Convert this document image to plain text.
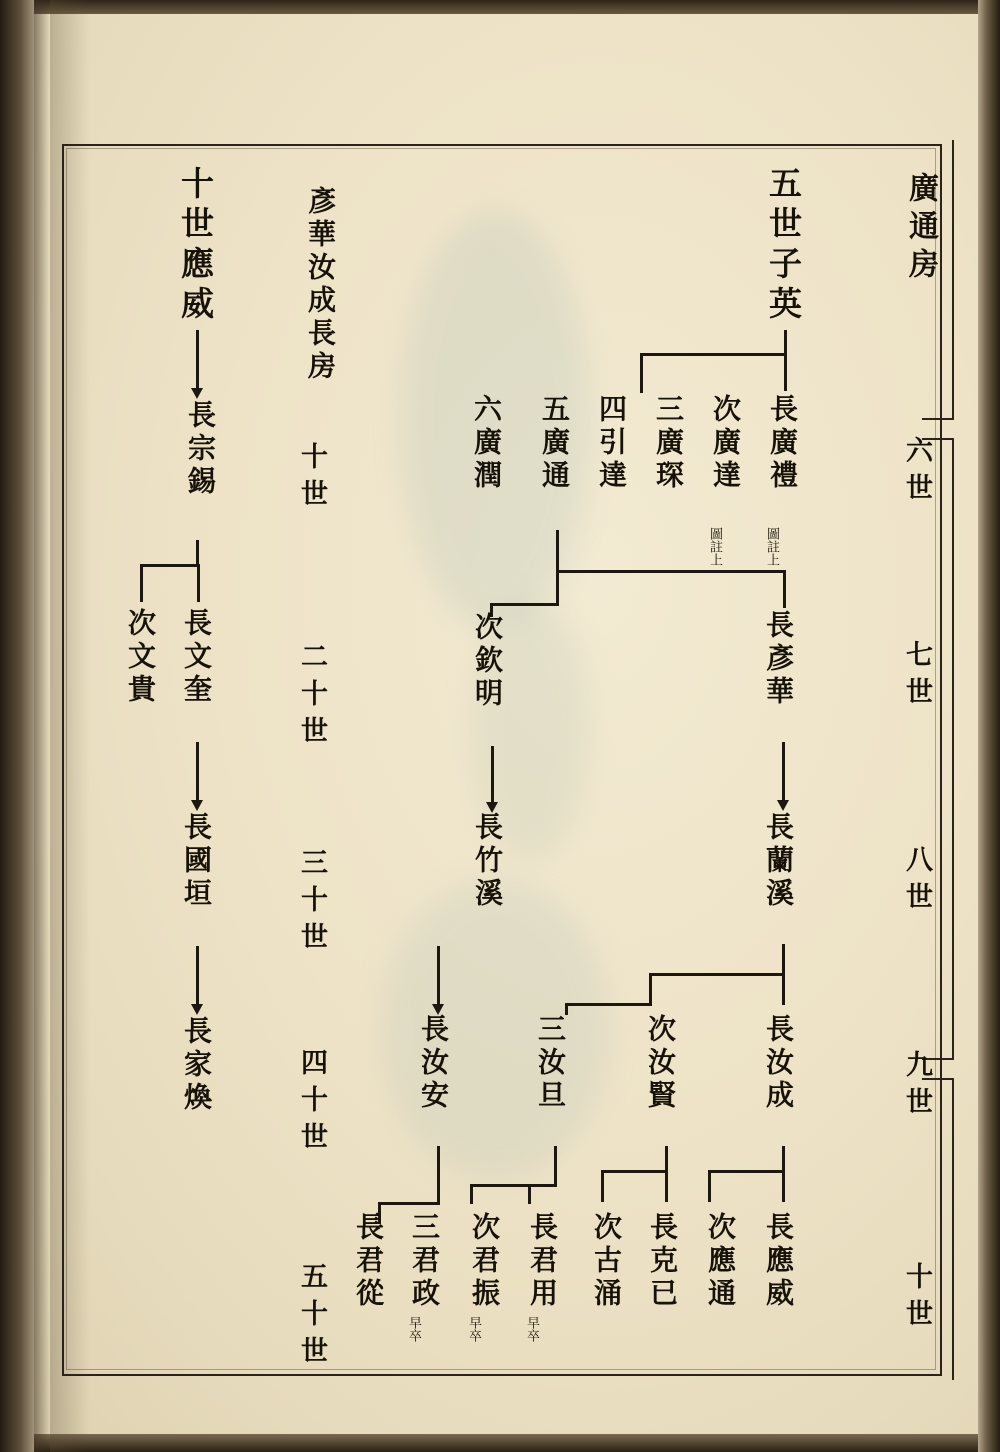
廣通房
六世
七世
八世
九世
十世
五世子英
長廣禮
圖註上
次廣達
圖註上
三廣琛
四引達
五廣通
六廣潤
長彥華
次欽明
長蘭溪
長竹溪
長汝成
次汝賢
三汝旦
長汝安
長應威
次應通
長克已
次古涌
長君用
早卒
次君振
早卒
三君政
早卒
長君從
彥華汝成長房
十世
二十世
三十世
四十世
五十世
十世應威
長宗錫
長文奎
次文貴
長國垣
長家煥
